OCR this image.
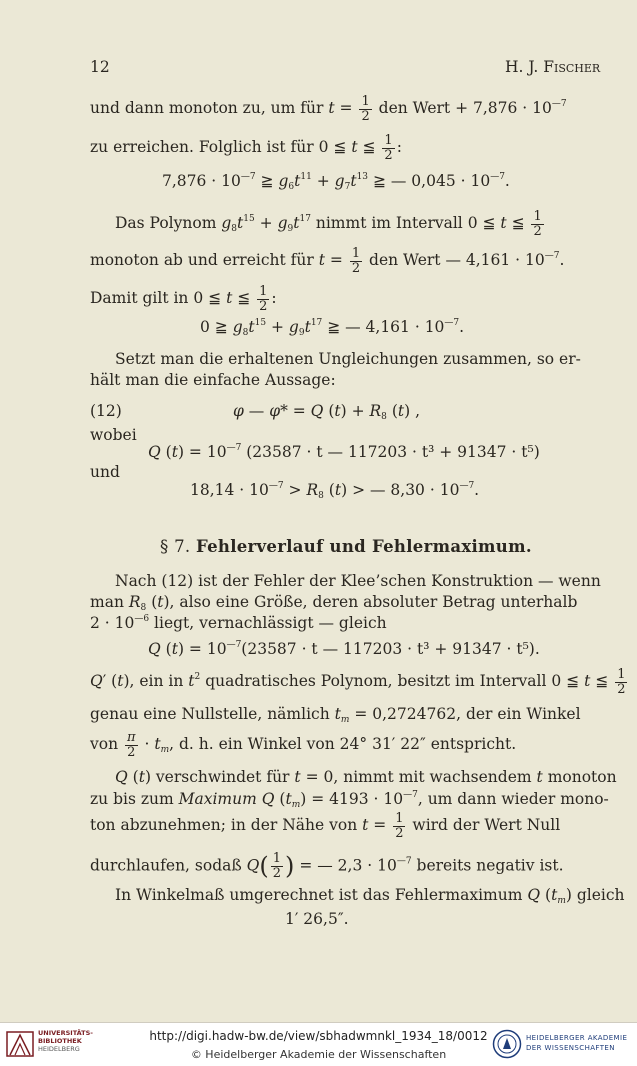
12	H. J. Fischer
und dann monoton zu, um für $t = \frac{1}{2}$ den Wert + $7,876 \cdot 10^{—7}$
zu erreichen. Folglich ist für 0 ≦ t ≦ $\frac{1}{2}$ :
$7,876 \cdot 10^{—7}$ ≧ $g_6t^{11} + g_7t^{13}$ ≧ — $0,045 \cdot 10^{—7}$.
Das Polynom $g_8t^{15} + g_9t^{17}$ nimmt im Intervall 0 ≦ t ≦ $\frac{1}{2}$
monoton ab und erreicht für $t = \frac{1}{2}$ den Wert — $4,161 \cdot 10^{—7}$.
Damit gilt in 0 ≦ t ≦ $\frac{1}{2}$ :
0 ≧ $g_8t^{15} + g_9t^{17}$ ≧ — $4,161 \cdot 10^{—7}$.
Setzt man die erhaltenen Ungleichungen zusammen, so er-
hält man die einfache Aussage:
(12)	φ — φ* = Q $(t) + R_8$ (t) ,
wobei
Q $(t) = 10^{—7}$ (23587 · t — 117203 · t³ + 91347 · t⁵)
und
$18,14 \cdot 10^{—7} > R_8$ (t) > — $8,30 \cdot 10^{—7}$.
§ 7. Fehlerverlauf und Fehlermaximum.
Nach (12) ist der Fehler der Klee’schen Konstruktion — wenn
man $R_8$ (t), also eine Größe, deren absoluter Betrag unterhalb
$2 \cdot 10^{—6}$ liegt, vernachlässigt — gleich
Q $(t) = 10^{—7}(23587 \cdot t$ — 117203 · t³ + 91347 · t⁵).
Q′ (t), ein in $t^2$ quadratisches Polynom, besitzt im Intervall 0 ≦ t ≦ $\frac{1}{2}$
genau eine Nullstelle, nämlich $t_m = 0,2724762$, der ein Winkel
von $\frac{\pi}{2} \cdot t_m$, d. h. ein Winkel von 24° 31′ 22″ entspricht.
Q (t) verschwindet für t = 0, nimmt mit wachsendem t monoton
zu bis zum Maximum Q $(t_m) = 4193 \cdot 10^{—7}$, um dann wieder mono-
ton abzunehmen; in der Nähe von $t = \frac{1}{2}$ wird der Wert Null
durchlaufen, sodaß $Q( \frac{1}{2}$ ) = — $2,3 \cdot 10^{—7}$ bereits negativ ist.
In Winkelmaß umgerechnet ist das Fehlermaximum Q $(t_m)$ gleich
1′ 26,5″.
UNIVERSITÄTS-
BIBLIOTHEK
HEIDELBERG
http://digi.hadw-bw.de/view/sbhadwmnkl_1934_18/0012
© Heidelberger Akademie der Wissenschaften
HEIDELBERGER AKADEMIE
DER WISSENSCHAFTEN
